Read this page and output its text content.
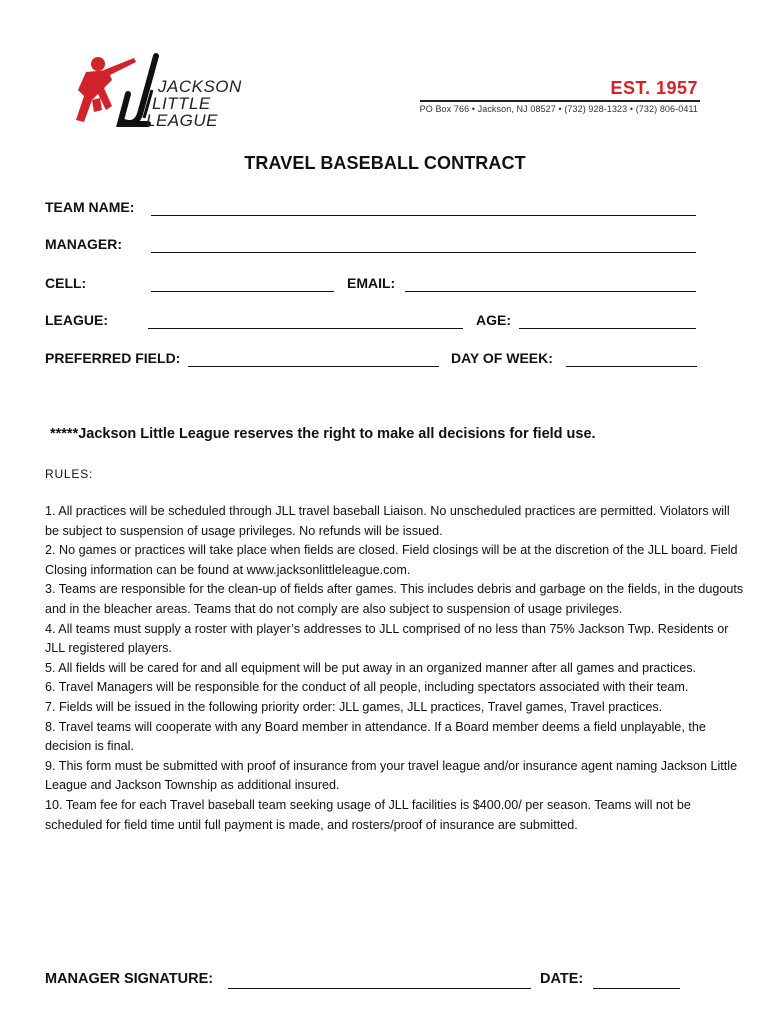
JACKSON
LITTLE
LEAGUE
EST. 1957
PO Box 766 • Jackson, NJ 08527 • (732) 928-1323 • (732) 806-0411
TRAVEL BASEBALL CONTRACT
TEAM NAME:
MANAGER:
CELL:	EMAIL:
LEAGUE:	AGE:
PREFERRED FIELD:	DAY OF WEEK:
*****Jackson Little League reserves the right to make all decisions for field use.
RULES:

1. All practices will be scheduled through JLL travel baseball Liaison. No unscheduled practices are permitted. Violators will be subject to suspension of usage privileges. No refunds will be issued.

2. No games or practices will take place when fields are closed. Field closings will be at the discretion of the JLL board. Field Closing information can be found at www.jacksonlittleleague.com.

3. Teams are responsible for the clean-up of fields after games. This includes debris and garbage on the fields, in the dugouts and in the bleacher areas. Teams that do not comply are also subject to suspension of usage privileges.

4. All teams must supply a roster with player’s addresses to JLL comprised of no less than 75% Jackson Twp. Residents or JLL registered players.

5. All fields will be cared for and all equipment will be put away in an organized manner after all games and practices.

6. Travel Managers will be responsible for the conduct of all people, including spectators associated with their team.

7. Fields will be issued in the following priority order: JLL games, JLL practices, Travel games, Travel practices.

8. Travel teams will cooperate with any Board member in attendance. If a Board member deems a field unplayable, the decision is final.

9. This form must be submitted with proof of insurance from your travel league and/or insurance agent naming Jackson Little League and Jackson Township as additional insured.

10. Team fee for each Travel baseball team seeking usage of JLL facilities is $400.00/ per season. Teams will not be scheduled for field time until full payment is made, and rosters/proof of insurance are submitted.

MANAGER SIGNATURE:	DATE:
